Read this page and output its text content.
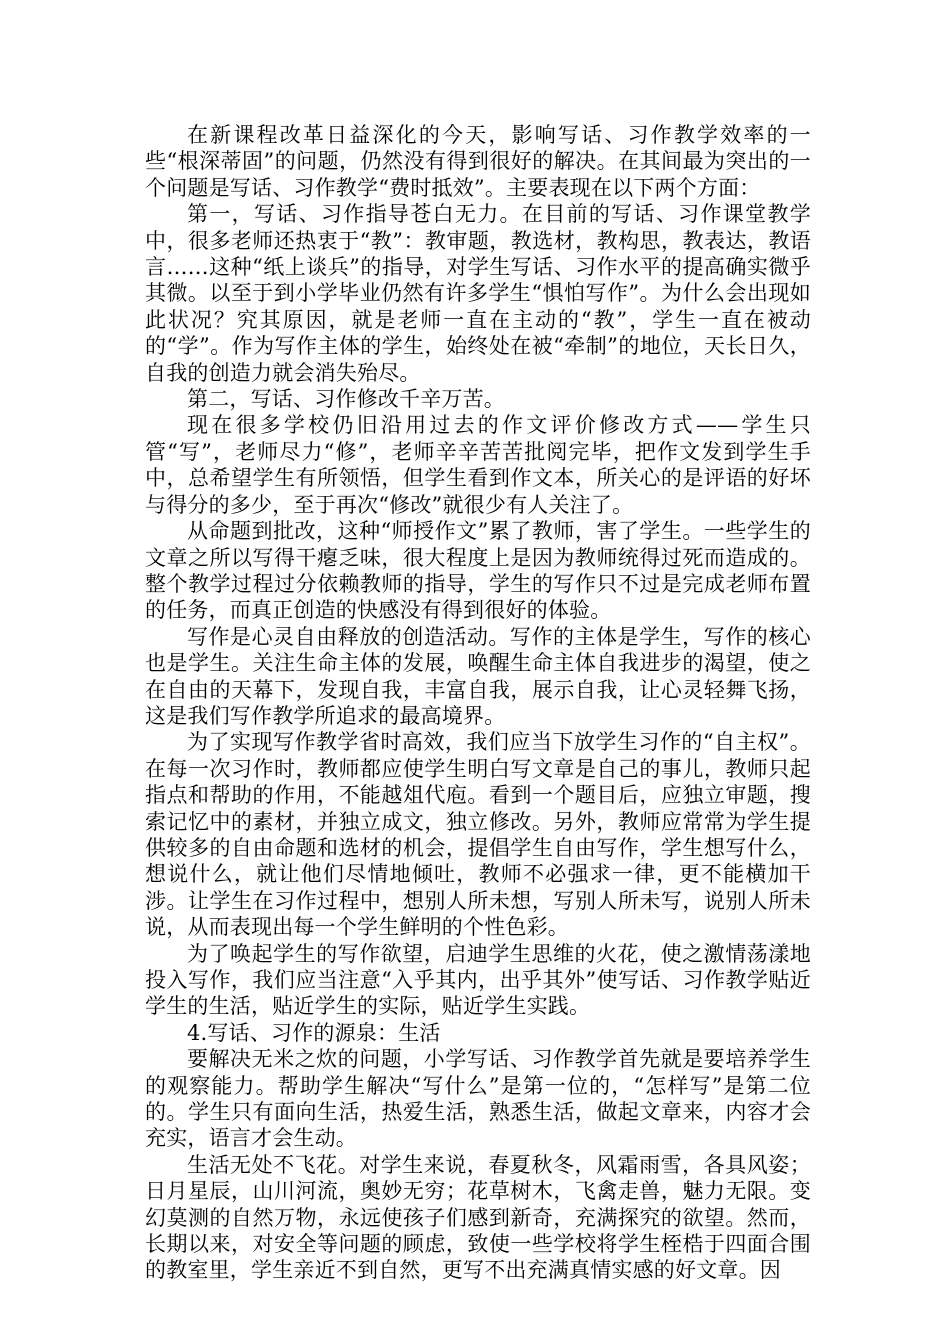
在新课程改革日益深化的今天，影响写话、习作教学效率的一些“根深蒂固”的问题，仍然没有得到很好的解决。在其间最为突出的一个问题是写话、习作教学“费时抵效”。主要表现在以下两个方面：

第一，写话、习作指导苍白无力。在目前的写话、习作课堂教学中，很多老师还热衷于“教”：教审题，教选材，教构思，教表达，教语言……这种“纸上谈兵”的指导，对学生写话、习作水平的提高确实微乎其微。以至于到小学毕业仍然有许多学生“惧怕写作”。为什么会出现如此状况？究其原因，就是老师一直在主动的“教”，学生一直在被动的“学”。作为写作主体的学生，始终处在被“牵制”的地位，天长日久，自我的创造力就会消失殆尽。

第二，写话、习作修改千辛万苦。

现在很多学校仍旧沿用过去的作文评价修改方式——学生只管“写”，老师尽力“修”，老师辛辛苦苦批阅完毕，把作文发到学生手中，总希望学生有所领悟，但学生看到作文本，所关心的是评语的好坏与得分的多少，至于再次“修改”就很少有人关注了。

从命题到批改，这种“师授作文”累了教师，害了学生。一些学生的文章之所以写得干瘪乏味，很大程度上是因为教师统得过死而造成的。整个教学过程过分依赖教师的指导，学生的写作只不过是完成老师布置的任务，而真正创造的快感没有得到很好的体验。

写作是心灵自由释放的创造活动。写作的主体是学生，写作的核心也是学生。关注生命主体的发展，唤醒生命主体自我进步的渴望，使之在自由的天幕下，发现自我，丰富自我，展示自我，让心灵轻舞飞扬，这是我们写作教学所追求的最高境界。

为了实现写作教学省时高效，我们应当下放学生习作的“自主权”。在每一次习作时，教师都应使学生明白写文章是自己的事儿，教师只起指点和帮助的作用，不能越俎代庖。看到一个题目后，应独立审题，搜索记忆中的素材，并独立成文，独立修改。另外，教师应常常为学生提供较多的自由命题和选材的机会，提倡学生自由写作，学生想写什么，想说什么，就让他们尽情地倾吐，教师不必强求一律，更不能横加干涉。让学生在习作过程中，想别人所未想，写别人所未写，说别人所未说，从而表现出每一个学生鲜明的个性色彩。

为了唤起学生的写作欲望，启迪学生思维的火花，使之激情荡漾地投入写作，我们应当注意“入乎其内，出乎其外”使写话、习作教学贴近学生的生活，贴近学生的实际，贴近学生实践。

4.写话、习作的源泉：生活

要解决无米之炊的问题，小学写话、习作教学首先就是要培养学生的观察能力。帮助学生解决“写什么”是第一位的，“怎样写”是第二位的。学生只有面向生活，热爱生活，熟悉生活，做起文章来，内容才会充实，语言才会生动。

生活无处不飞花。对学生来说，春夏秋冬，风霜雨雪，各具风姿；日月星辰，山川河流，奥妙无穷；花草树木，飞禽走兽，魅力无限。变幻莫测的自然万物，永远使孩子们感到新奇，充满探究的欲望。然而，长期以来，对安全等问题的顾虑，致使一些学校将学生桎梏于四面合围的教室里，学生亲近不到自然，更写不出充满真情实感的好文章。因
